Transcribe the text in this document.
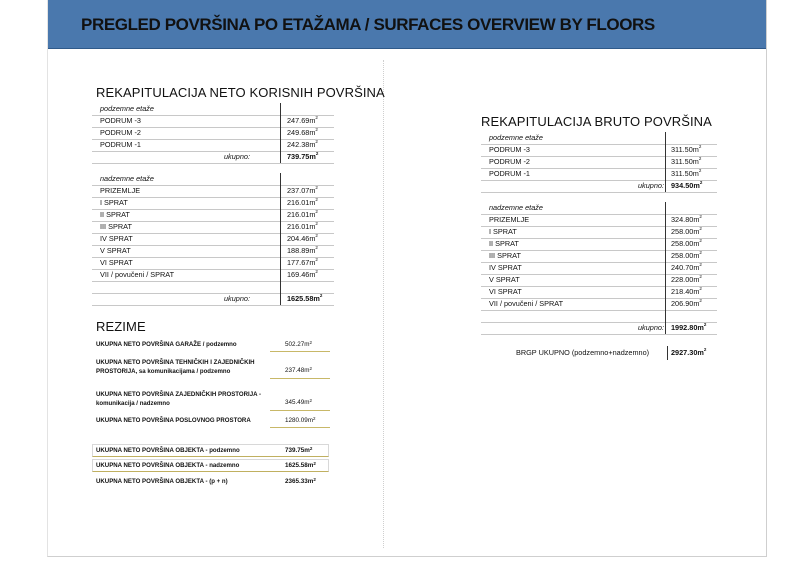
PREGLED POVRŠINA PO ETAŽAMA / SURFACES OVERVIEW BY FLOORS
REKAPITULACIJA NETO KORISNIH POVRŠINA
podzemne etaže
PODRUM -3	$247.69m^2$
PODRUM -2	$249.68m^2$
PODRUM -1	$242.38m^2$
ukupno:	$739.75m^2$
nadzemne etaže
PRIZEMLJE	$237.07m^2$
I SPRAT	$216.01m^2$
II SPRAT	$216.01m^2$
III SPRAT	$216.01m^2$
IV SPRAT	$204.46m^2$
V SPRAT	$188.89m^2$
VI SPRAT	$177.67m^2$
VII / povučeni / SPRAT	$169.46m^2$
ukupno:	$1625.58m^2$
REKAPITULACIJA BRUTO POVRŠINA
podzemne etaže
PODRUM -3	$311.50m^2$
PODRUM -2	$311.50m^2$
PODRUM -1	$311.50m^2$
ukupno: $934.50m^2$
nadzemne etaže
PRIZEMLJE	$324.80m^2$
I SPRAT	$258.00m^2$
II SPRAT	$258.00m^2$
III SPRAT	$258.00m^2$
IV SPRAT	$240.70m^2$
V SPRAT	$228.00m^2$
VI SPRAT	$218.40m^2$
VII / povučeni / SPRAT	$206.90m^2$
ukupno: $1992.80m^2$
BRGP UKUPNO (podzemno+nadzemno)	$2927.30m^2$
REZIME
UKUPNA NETO POVRŠINA GARAŽE / podzemno	$502.27m^2$
UKUPNA NETO POVRŠINA TEHNIČKIH I ZAJEDNIČKIH PROSTORIJA, sa komunikacijama / podzemno	$237.48m^2$
UKUPNA NETO POVRŠINA ZAJEDNIČKIH PROSTORIJA - komunikacija / nadzemno	$345.49m^2$
UKUPNA NETO POVRŠINA POSLOVNOG PROSTORA	$1280.09m^2$
UKUPNA NETO POVRŠINA OBJEKTA - podzemno	$739.75m^2$
UKUPNA NETO POVRŠINA OBJEKTA - nadzemno	$1625.58m^2$
UKUPNA NETO POVRŠINA OBJEKTA - (p + n)	$2365.33m^2$
